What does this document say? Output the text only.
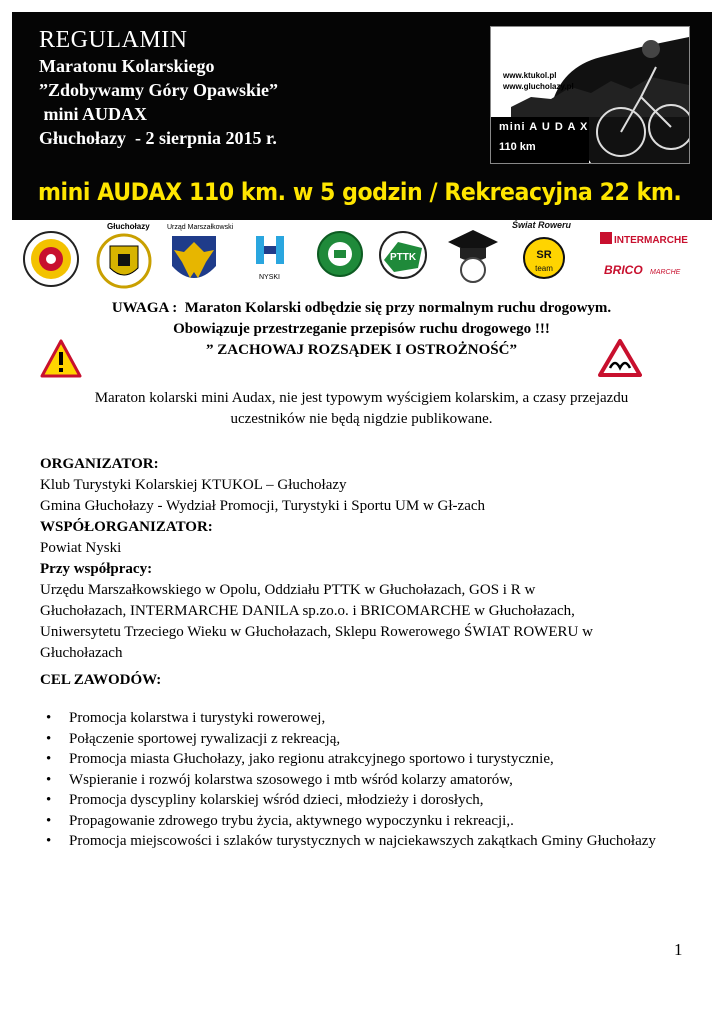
REGULAMIN
Maratonu Kolarskiego
”Zdobywamy Góry Opawskie”
mini AUDAX
Głuchołazy  - 2 sierpnia 2015 r.
www.ktukol.pl
www.glucholazy.pl
mini A U D A X
110 km
mini AUDAX 110 km. w 5 godzin / Rekreacyjna 22 km.
Głuchołazy Urząd Marszałkowski
NYSKI
PTTK
Świat Roweru
SR
team
INTERMARCHE
BRICO MARCHE
UWAGA :  Maraton Kolarski odbędzie się przy normalnym ruchu drogowym.
Obowiązuje przestrzeganie przepisów ruchu drogowego !!!
” ZACHOWAJ ROZSĄDEK I OSTROŻNOŚĆ”
Maraton kolarski mini Audax, nie jest typowym wyścigiem kolarskim, a czasy przejazdu
uczestników nie będą nigdzie publikowane.
ORGANIZATOR:
Klub Turystyki Kolarskiej KTUKOL – Głuchołazy
Gmina Głuchołazy - Wydział Promocji, Turystyki i Sportu UM w Gł-zach
WSPÓŁORGANIZATOR:
Powiat Nyski
Przy współpracy:
Urzędu Marszałkowskiego w Opolu, Oddziału PTTK w Głuchołazach, GOS i R w
Głuchołazach, INTERMARCHE DANILA sp.zo.o. i BRICOMARCHE w Głuchołazach,
Uniwersytetu Trzeciego Wieku w Głuchołazach, Sklepu Rowerowego ŚWIAT ROWERU w
Głuchołazach
CEL ZAWODÓW:
• Promocja kolarstwa i turystyki rowerowej,
• Połączenie sportowej rywalizacji z rekreacją,
• Promocja miasta Głuchołazy, jako regionu atrakcyjnego sportowo i turystycznie,
• Wspieranie i rozwój kolarstwa szosowego i mtb wśród kolarzy amatorów,
• Promocja dyscypliny kolarskiej wśród dzieci, młodzieży i dorosłych,
• Propagowanie zdrowego trybu życia, aktywnego wypoczynku i rekreacji,.
• Promocja miejscowości i szlaków turystycznych w najciekawszych zakątkach Gminy Głuchołazy
1
